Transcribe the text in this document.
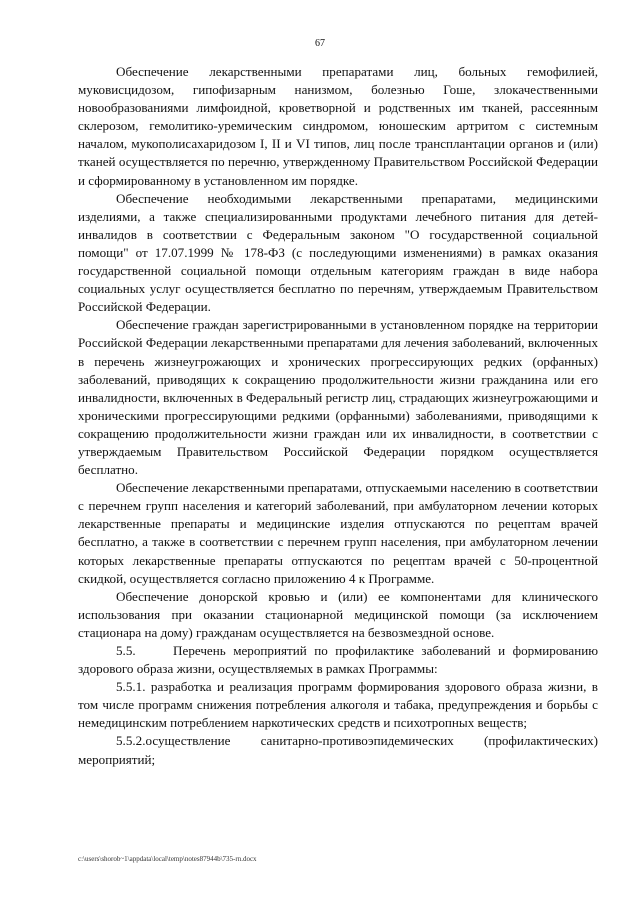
67

Обеспечение лекарственными препаратами лиц, больных гемофилией, муковисцидозом, гипофизарным нанизмом, болезнью Гоше, злокачественными новообразованиями лимфоидной, кроветворной и родственных им тканей, рассеянным склерозом, гемолитико-уремическим синдромом, юношеским артритом с системным началом, мукополисахаридозом I, II и VI типов, лиц после трансплантации органов и (или) тканей осуществляется по перечню, утвержденному Правительством Российской Федерации и сформированному в установленном им порядке.

Обеспечение необходимыми лекарственными препаратами, медицинскими изделиями, а также специализированными продуктами лечебного питания для детей-инвалидов в соответствии с Федеральным законом "О государственной социальной помощи" от 17.07.1999 № 178-ФЗ (с последующими изменениями) в рамках оказания государственной социальной помощи отдельным категориям граждан в виде набора социальных услуг осуществляется бесплатно по перечням, утверждаемым Правительством Российской Федерации.

Обеспечение граждан зарегистрированными в установленном порядке на территории Российской Федерации лекарственными препаратами для лечения заболеваний, включенных в перечень жизнеугрожающих и хронических прогрессирующих редких (орфанных) заболеваний, приводящих к сокращению продолжительности жизни гражданина или его инвалидности, включенных в Федеральный регистр лиц, страдающих жизнеугрожающими и хроническими прогрессирующими редкими (орфанными) заболеваниями, приводящими к сокращению продолжительности жизни граждан или их инвалидности, в соответствии с утверждаемым Правительством Российской Федерации порядком осуществляется бесплатно.

Обеспечение лекарственными препаратами, отпускаемыми населению в соответствии с перечнем групп населения и категорий заболеваний, при амбулаторном лечении которых лекарственные препараты и медицинские изделия отпускаются по рецептам врачей бесплатно, а также в соответствии с перечнем групп населения, при амбулаторном лечении которых лекарственные препараты отпускаются по рецептам врачей с 50-процентной скидкой, осуществляется согласно приложению 4 к Программе.

Обеспечение донорской кровью и (или) ее компонентами для клинического использования при оказании стационарной медицинской помощи (за исключением стационара на дому) гражданам осуществляется на безвозмездной основе.

5.5.     Перечень мероприятий по профилактике заболеваний и формированию здорового образа жизни, осуществляемых в рамках Программы:

5.5.1. разработка и реализация программ формирования здорового образа жизни, в том числе программ снижения потребления алкоголя и табака, предупреждения и борьбы с немедицинским потреблением наркотических средств и психотропных веществ;

5.5.2.осуществление санитарно-противоэпидемических (профилактических) мероприятий;

c:\users\shorob~1\appdata\local\temp\notes87944b\735-rn.docx
